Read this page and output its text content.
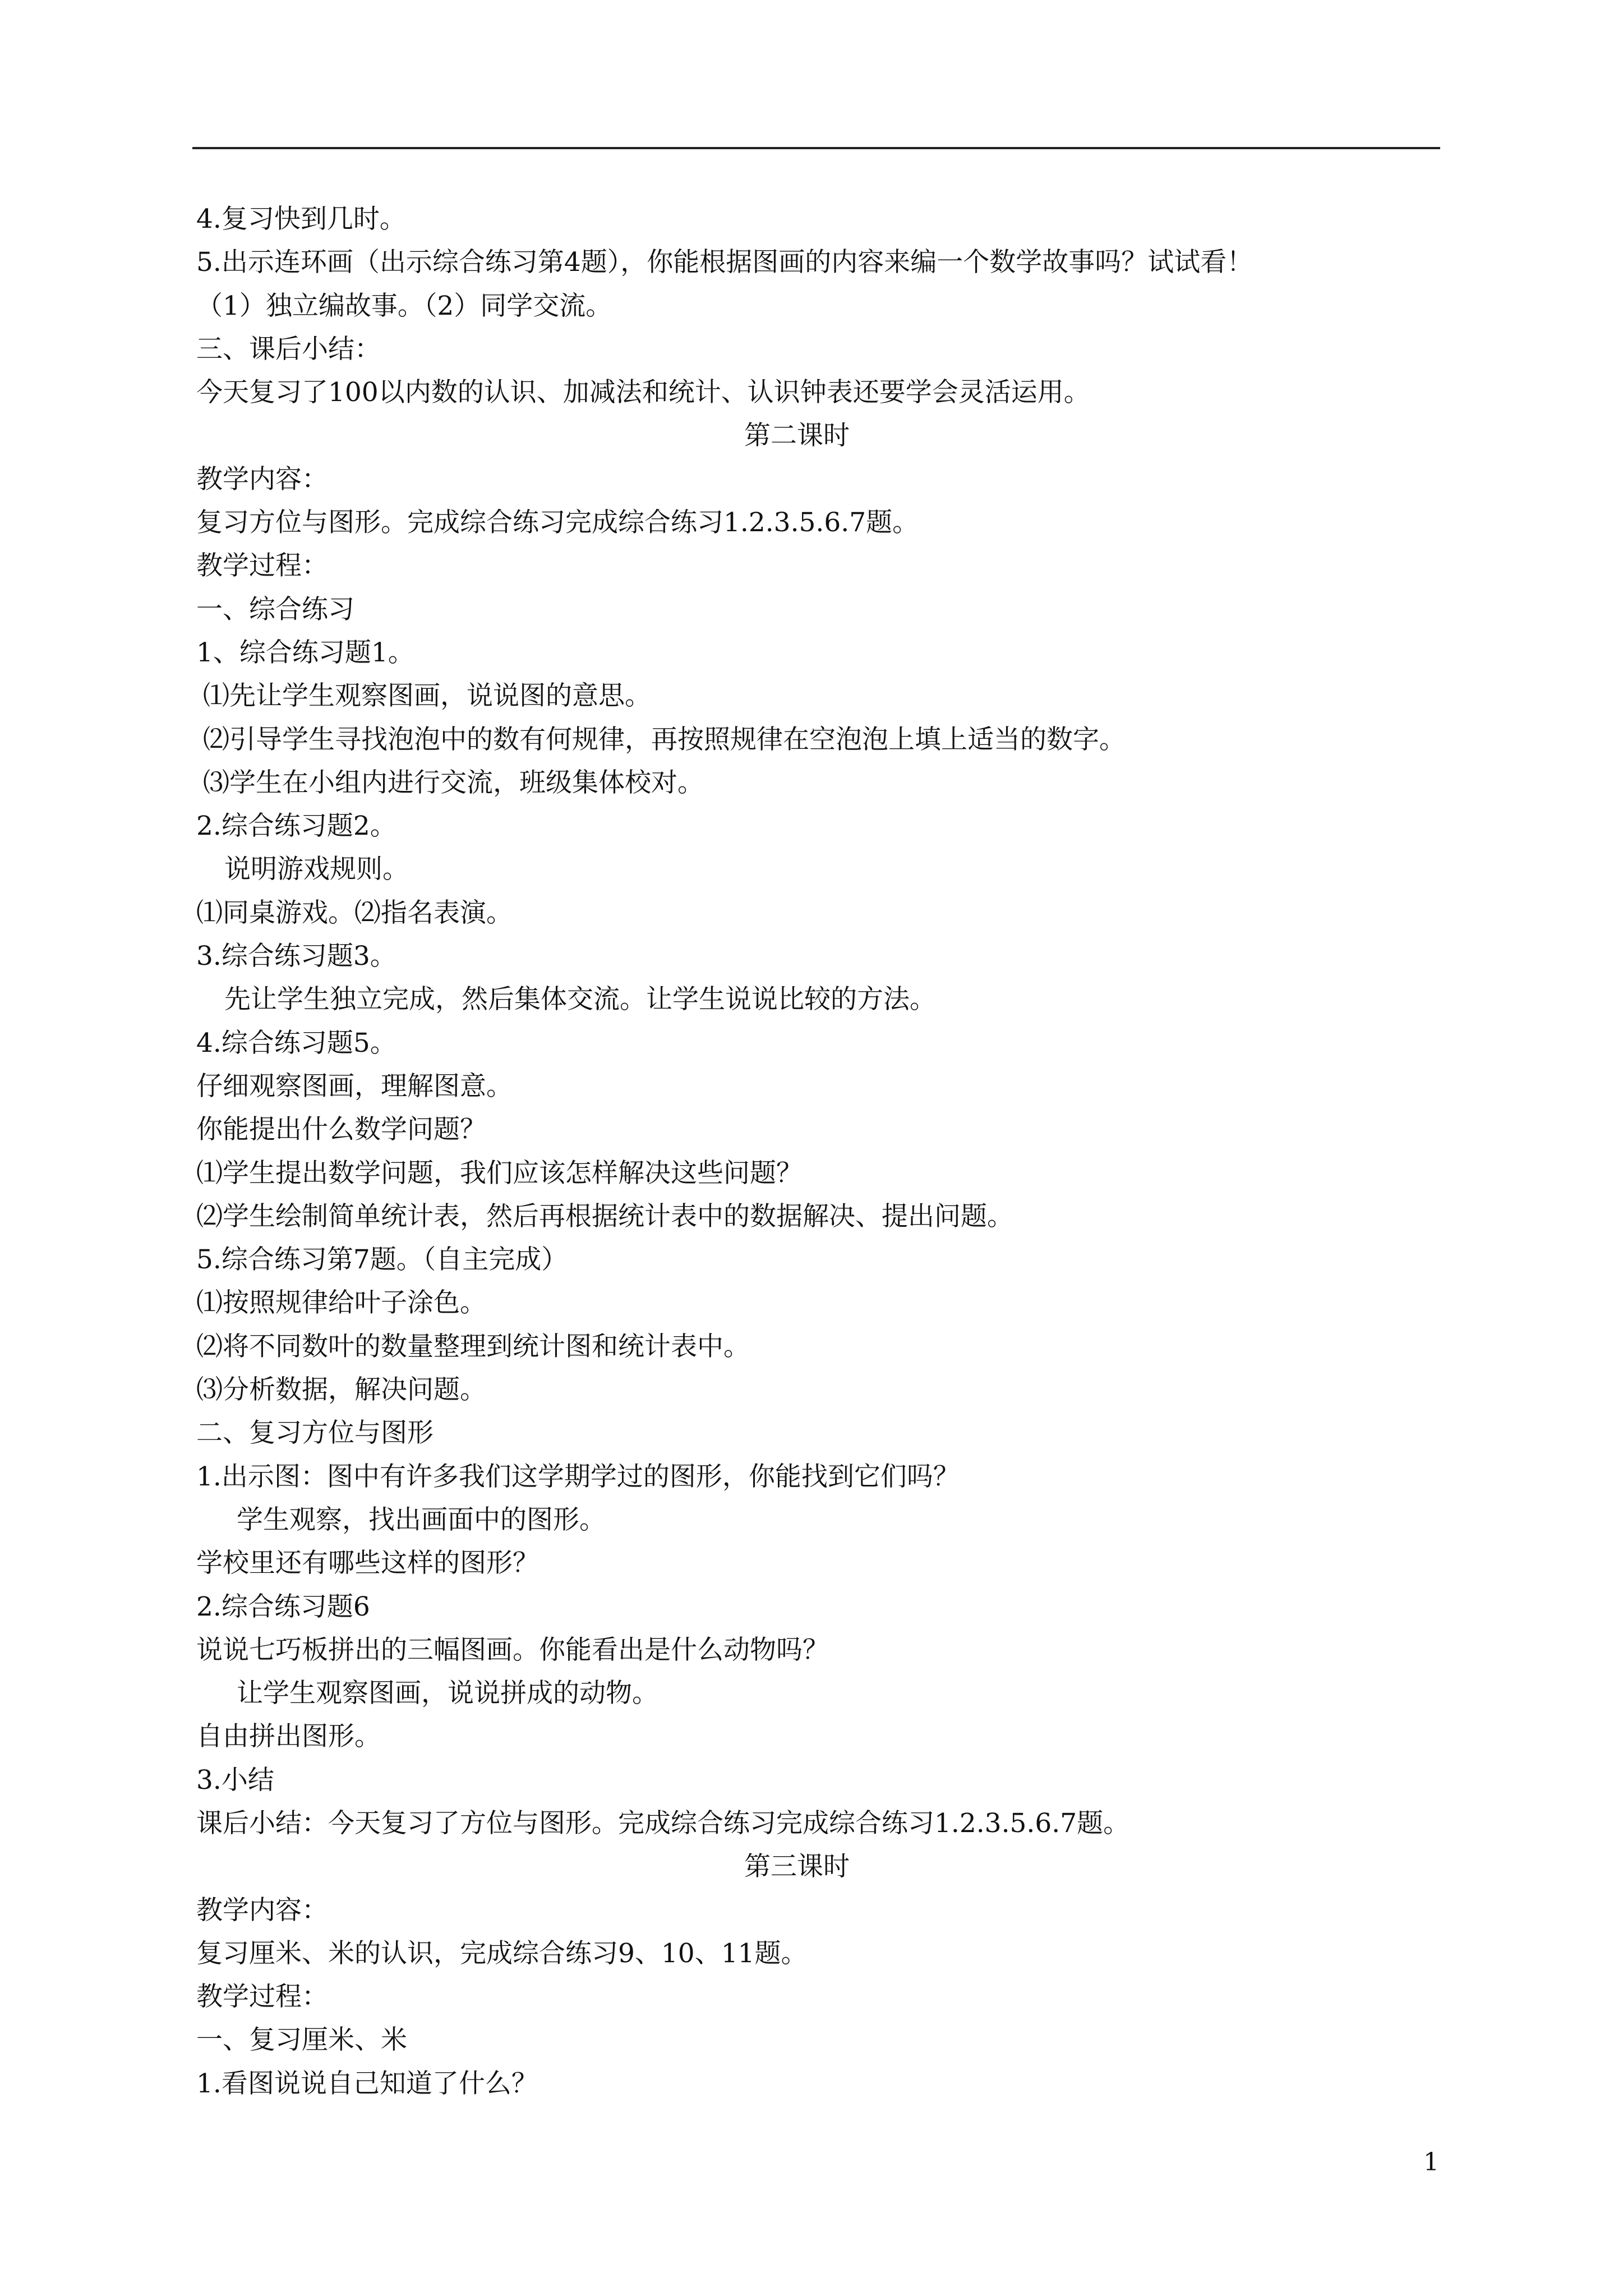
4.复习快到几时。
5.出示连环画（出示综合练习第4题），你能根据图画的内容来编一个数学故事吗？试试看！
（1）独立编故事。（2）同学交流。
三、课后小结：
今天复习了100以内数的认识、加减法和统计、认识钟表还要学会灵活运用。
第二课时
教学内容：
复习方位与图形。完成综合练习完成综合练习1.2.3.5.6.7题。
教学过程：
一、综合练习
1、综合练习题1。
⑴先让学生观察图画，说说图的意思。
⑵引导学生寻找泡泡中的数有何规律，再按照规律在空泡泡上填上适当的数字。
⑶学生在小组内进行交流，班级集体校对。
2.综合练习题2。
说明游戏规则。
⑴同桌游戏。⑵指名表演。
3.综合练习题3。
先让学生独立完成，然后集体交流。让学生说说比较的方法。
4.综合练习题5。
仔细观察图画，理解图意。
你能提出什么数学问题？
⑴学生提出数学问题，我们应该怎样解决这些问题？
⑵学生绘制简单统计表，然后再根据统计表中的数据解决、提出问题。
5.综合练习第7题。（自主完成）
⑴按照规律给叶子涂色。
⑵将不同数叶的数量整理到统计图和统计表中。
⑶分析数据，解决问题。
二、复习方位与图形
1.出示图：图中有许多我们这学期学过的图形，你能找到它们吗？
学生观察，找出画面中的图形。
学校里还有哪些这样的图形？
2.综合练习题6
说说七巧板拼出的三幅图画。你能看出是什么动物吗？
让学生观察图画，说说拼成的动物。
自由拼出图形。
3.小结
课后小结：今天复习了方位与图形。完成综合练习完成综合练习1.2.3.5.6.7题。
第三课时
教学内容：
复习厘米、米的认识，完成综合练习9、10、11题。
教学过程：
一、复习厘米、米
1.看图说说自己知道了什么？
1
